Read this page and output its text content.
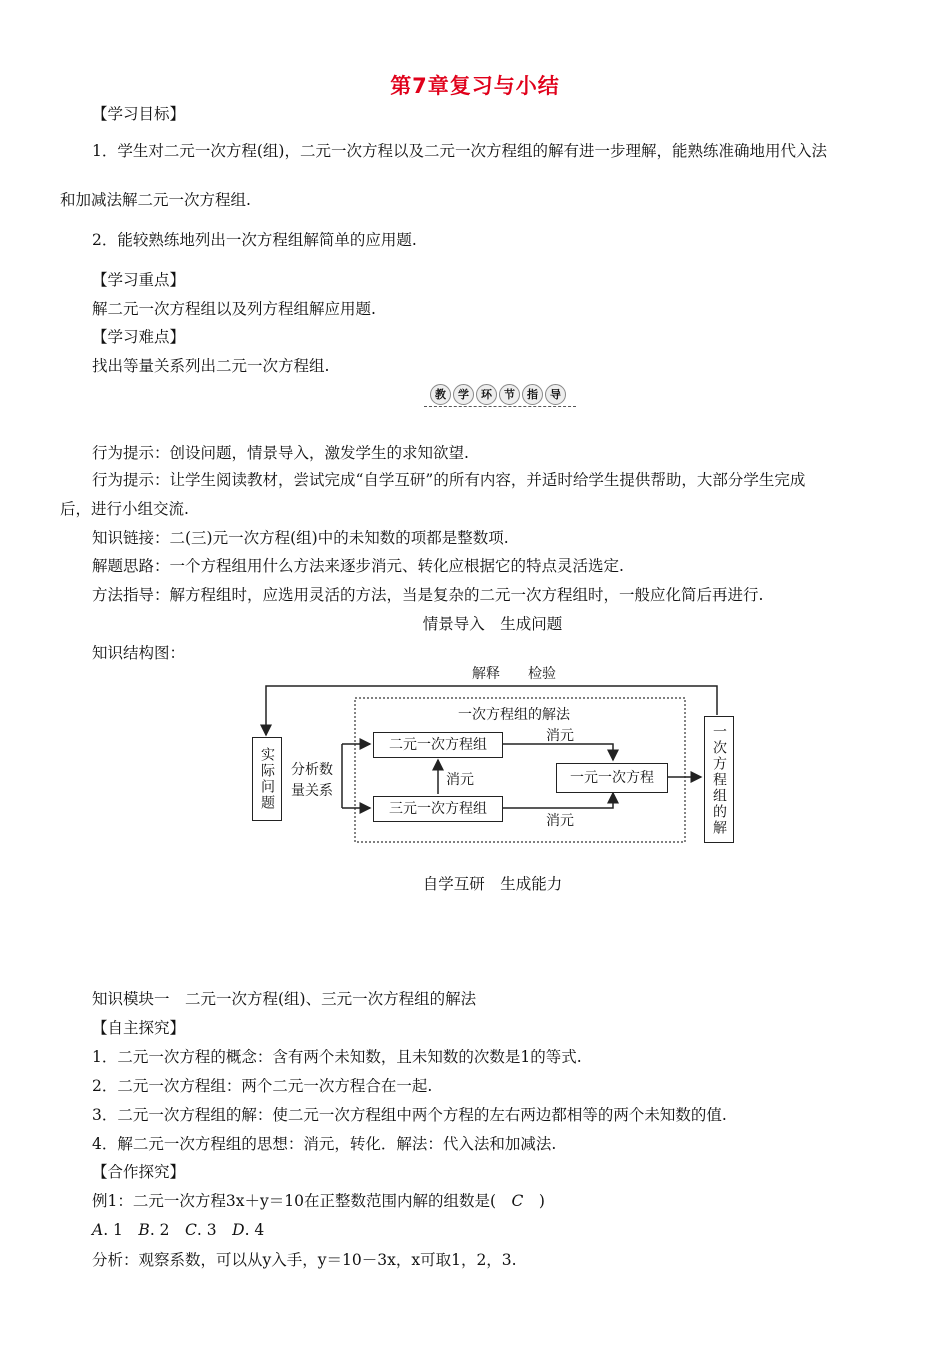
第7章复习与小结
【学习目标】
1．学生对二元一次方程(组)，二元一次方程以及二元一次方程组的解有进一步理解，能熟练准确地用代入法
和加减法解二元一次方程组.
2．能较熟练地列出一次方程组解简单的应用题.
【学习重点】
解二元一次方程组以及列方程组解应用题.
【学习难点】
找出等量关系列出二元一次方程组.
教	学	环	节	指	导
行为提示：创设问题，情景导入，激发学生的求知欲望.
行为提示：让学生阅读教材，尝试完成“自学互研”的所有内容，并适时给学生提供帮助，大部分学生完成
后，进行小组交流.
知识链接：二(三)元一次方程(组)中的未知数的项都是整数项.
解题思路：一个方程组用什么方法来逐步消元、转化应根据它的特点灵活选定.
方法指导：解方程组时，应选用灵活的方法，当是复杂的二元一次方程组时，一般应化简后再进行.
情景导入　生成问题
知识结构图：
解释　　检验
一次方程组的解法
实际问题	分析数
量关系
二元一次方程组
三元一次方程组
一元一次方程
消元
消元
消元	一次方程组的解
自学互研　生成能力
知识模块一　二元一次方程(组)、三元一次方程组的解法
【自主探究】
1．二元一次方程的概念：含有两个未知数，且未知数的次数是1的等式.
2．二元一次方程组：两个二元一次方程合在一起.
3．二元一次方程组的解：使二元一次方程组中两个方程的左右两边都相等的两个未知数的值.
4．解二元一次方程组的思想：消元，转化．解法：代入法和加减法.
【合作探究】
例1：二元一次方程3x＋y＝10在正整数范围内解的组数是(　C　)
A. 1　B. 2　C. 3　D. 4
分析：观察系数，可以从y入手，y＝10－3x，x可取1，2，3.
